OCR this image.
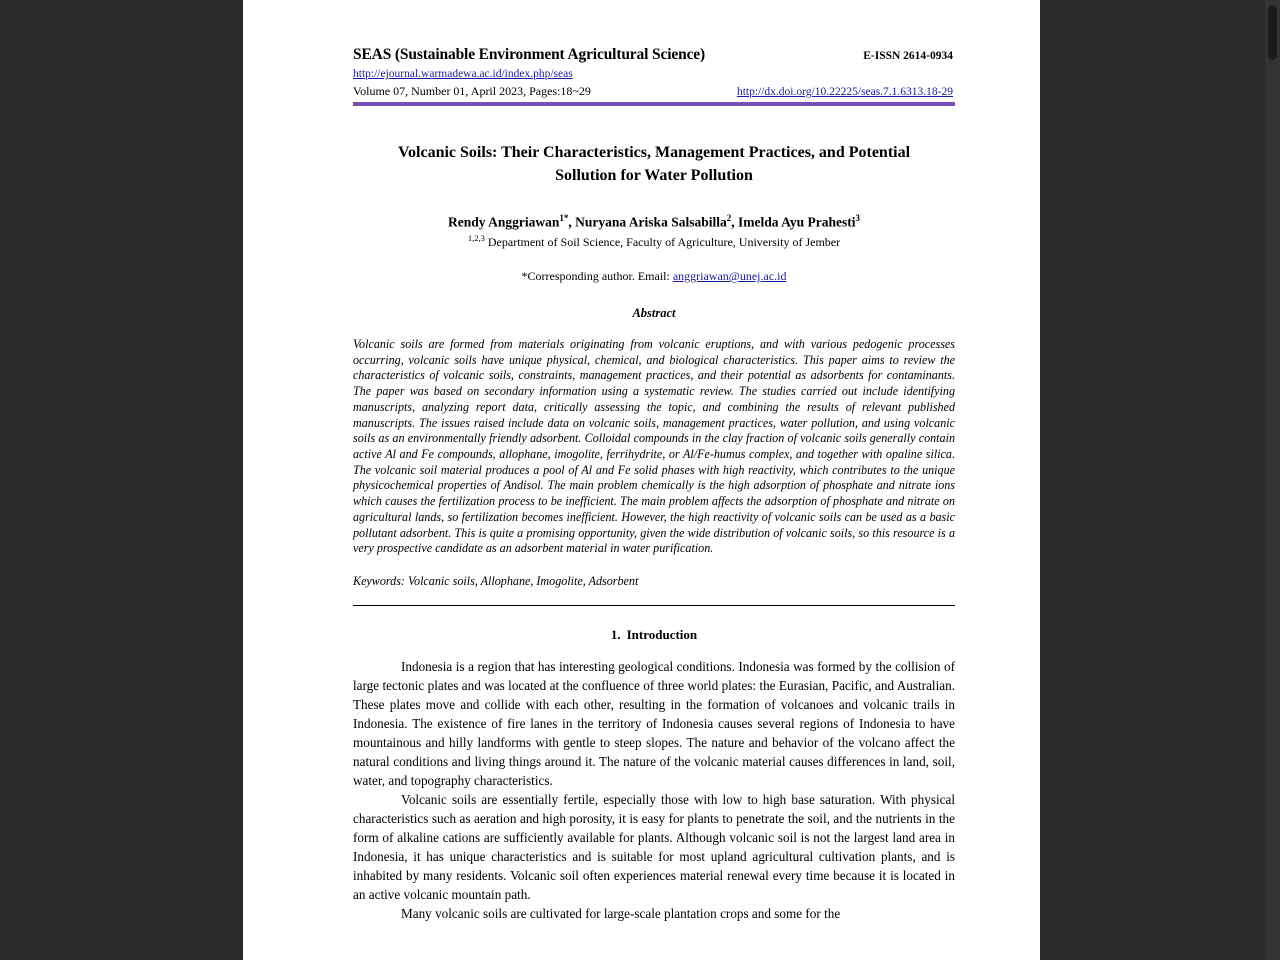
SEAS (Sustainable Environment Agricultural Science)	E-ISSN 2614-0934
http://ejournal.warmadewa.ac.id/index.php/seas
Volume 07, Number 01, April 2023, Pages:18~29	http://dx.doi.org/10.22225/seas.7.1.6313.18-29
Volcanic Soils: Their Characteristics, Management Practices, and Potential Sollution for Water Pollution
Rendy Anggriawan$^{1*}$, Nuryana Ariska Salsabilla$^2$, Imelda Ayu Prahesti$^3$
$^{1,2,3}$ Department of Soil Science, Faculty of Agriculture, University of Jember
*Corresponding author. Email: anggriawan@unej.ac.id
Abstract
Volcanic soils are formed from materials originating from volcanic eruptions, and with various pedogenic processes occurring, volcanic soils have unique physical, chemical, and biological characteristics. This paper aims to review the characteristics of volcanic soils, constraints, management practices, and their potential as adsorbents for contaminants. The paper was based on secondary information using a systematic review. The studies carried out include identifying manuscripts, analyzing report data, critically assessing the topic, and combining the results of relevant published manuscripts. The issues raised include data on volcanic soils, management practices, water pollution, and using volcanic soils as an environmentally friendly adsorbent. Colloidal compounds in the clay fraction of volcanic soils generally contain active Al and Fe compounds, allophane, imogolite, ferrihydrite, or Al/Fe-humus complex, and together with opaline silica. The volcanic soil material produces a pool of Al and Fe solid phases with high reactivity, which contributes to the unique physicochemical properties of Andisol. The main problem chemically is the high adsorption of phosphate and nitrate ions which causes the fertilization process to be inefficient. The main problem affects the adsorption of phosphate and nitrate on agricultural lands, so fertilization becomes inefficient. However, the high reactivity of volcanic soils can be used as a basic pollutant adsorbent. This is quite a promising opportunity, given the wide distribution of volcanic soils, so this resource is a very prospective candidate as an adsorbent material in water purification.
Keywords: Volcanic soils, Allophane, Imogolite, Adsorbent
1. Introduction
Indonesia is a region that has interesting geological conditions. Indonesia was formed by the collision of large tectonic plates and was located at the confluence of three world plates: the Eurasian, Pacific, and Australian. These plates move and collide with each other, resulting in the formation of volcanoes and volcanic trails in Indonesia. The existence of fire lanes in the territory of Indonesia causes several regions of Indonesia to have mountainous and hilly landforms with gentle to steep slopes. The nature and behavior of the volcano affect the natural conditions and living things around it. The nature of the volcanic material causes differences in land, soil, water, and topography characteristics.
Volcanic soils are essentially fertile, especially those with low to high base saturation. With physical characteristics such as aeration and high porosity, it is easy for plants to penetrate the soil, and the nutrients in the form of alkaline cations are sufficiently available for plants. Although volcanic soil is not the largest land area in Indonesia, it has unique characteristics and is suitable for most upland agricultural cultivation plants, and is inhabited by many residents. Volcanic soil often experiences material renewal every time because it is located in an active volcanic mountain path.
Many volcanic soils are cultivated for large-scale plantation crops and some for the
